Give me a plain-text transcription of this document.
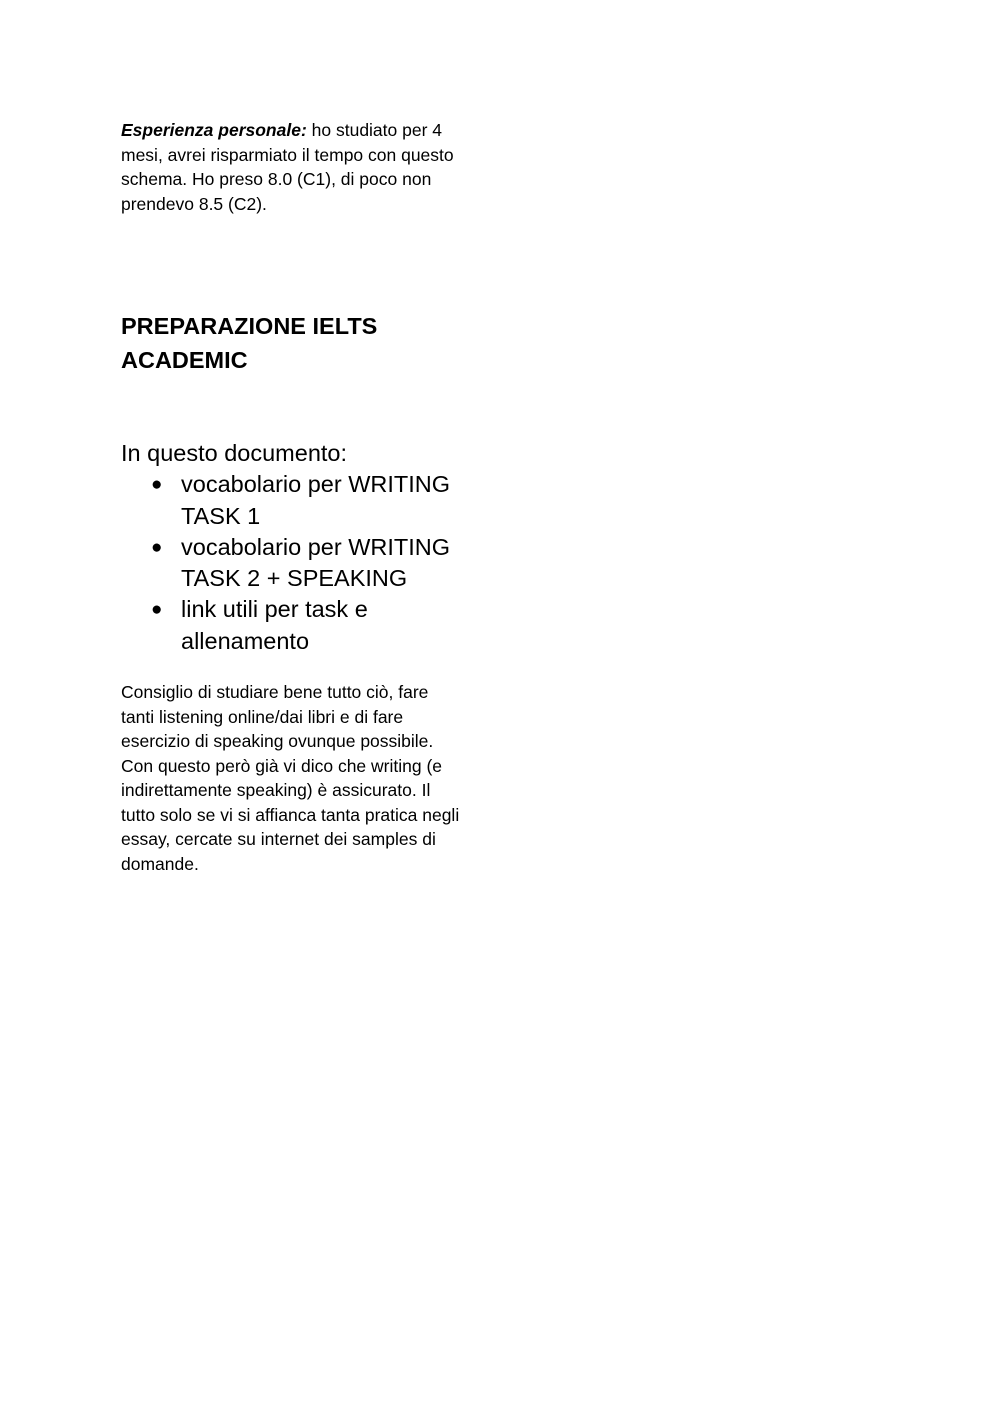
Esperienza personale: ho studiato per 4 mesi, avrei risparmiato il tempo con questo schema. Ho preso 8.0 (C1), di poco non prendevo 8.5 (C2).

PREPARAZIONE IELTS ACADEMIC

In questo documento:

● vocabolario per WRITING TASK 1
● vocabolario per WRITING TASK 2 + SPEAKING
● link utili per task e allenamento

Consiglio di studiare bene tutto ciò, fare tanti listening online/dai libri e di fare esercizio di speaking ovunque possibile. Con questo però già vi dico che writing (e indirettamente speaking) è assicurato. Il tutto solo se vi si affianca tanta pratica negli essay, cercate su internet dei samples di domande.
